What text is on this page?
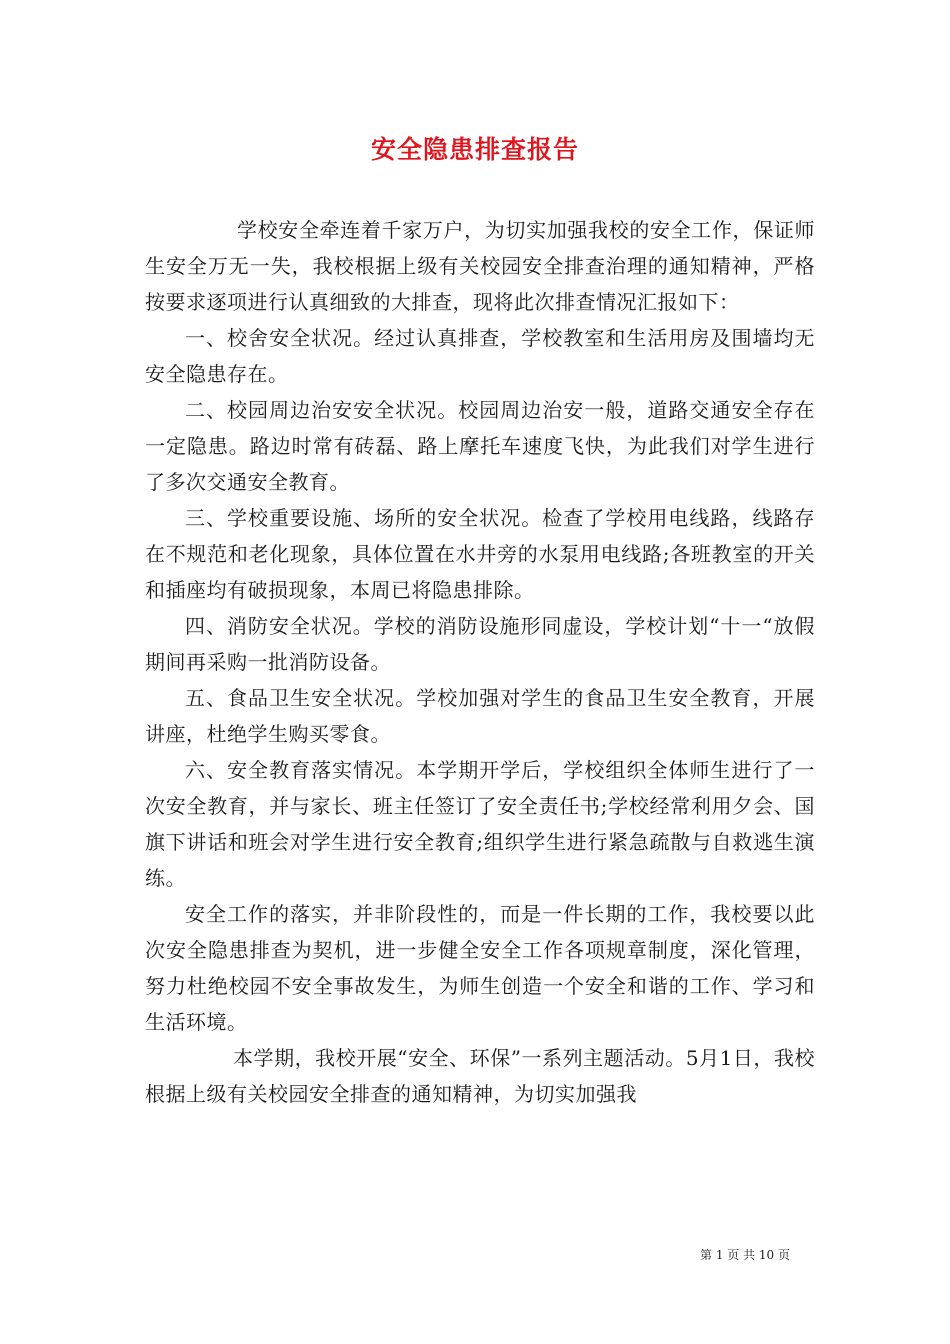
安全隐患排查报告

学校安全牵连着千家万户，为切实加强我校的安全工作，保证师生安全万无一失，我校根据上级有关校园安全排查治理的通知精神，严格按要求逐项进行认真细致的大排查，现将此次排查情况汇报如下：

一、校舍安全状况。经过认真排查，学校教室和生活用房及围墙均无安全隐患存在。

二、校园周边治安安全状况。校园周边治安一般，道路交通安全存在一定隐患。路边时常有砖磊、路上摩托车速度飞快，为此我们对学生进行了多次交通安全教育。

三、学校重要设施、场所的安全状况。检查了学校用电线路，线路存在不规范和老化现象，具体位置在水井旁的水泵用电线路;各班教室的开关和插座均有破损现象，本周已将隐患排除。

四、消防安全状况。学校的消防设施形同虚设，学校计划“十一“放假期间再采购一批消防设备。

五、食品卫生安全状况。学校加强对学生的食品卫生安全教育，开展讲座，杜绝学生购买零食。

六、安全教育落实情况。本学期开学后，学校组织全体师生进行了一次安全教育，并与家长、班主任签订了安全责任书;学校经常利用夕会、国旗下讲话和班会对学生进行安全教育;组织学生进行紧急疏散与自救逃生演练。

安全工作的落实，并非阶段性的，而是一件长期的工作，我校要以此次安全隐患排查为契机，进一步健全安全工作各项规章制度，深化管理，努力杜绝校园不安全事故发生，为师生创造一个安全和谐的工作、学习和生活环境。

本学期，我校开展“安全、环保”一系列主题活动。5月1日，我校根据上级有关校园安全排查的通知精神，为切实加强我

第 1 页 共 10 页
